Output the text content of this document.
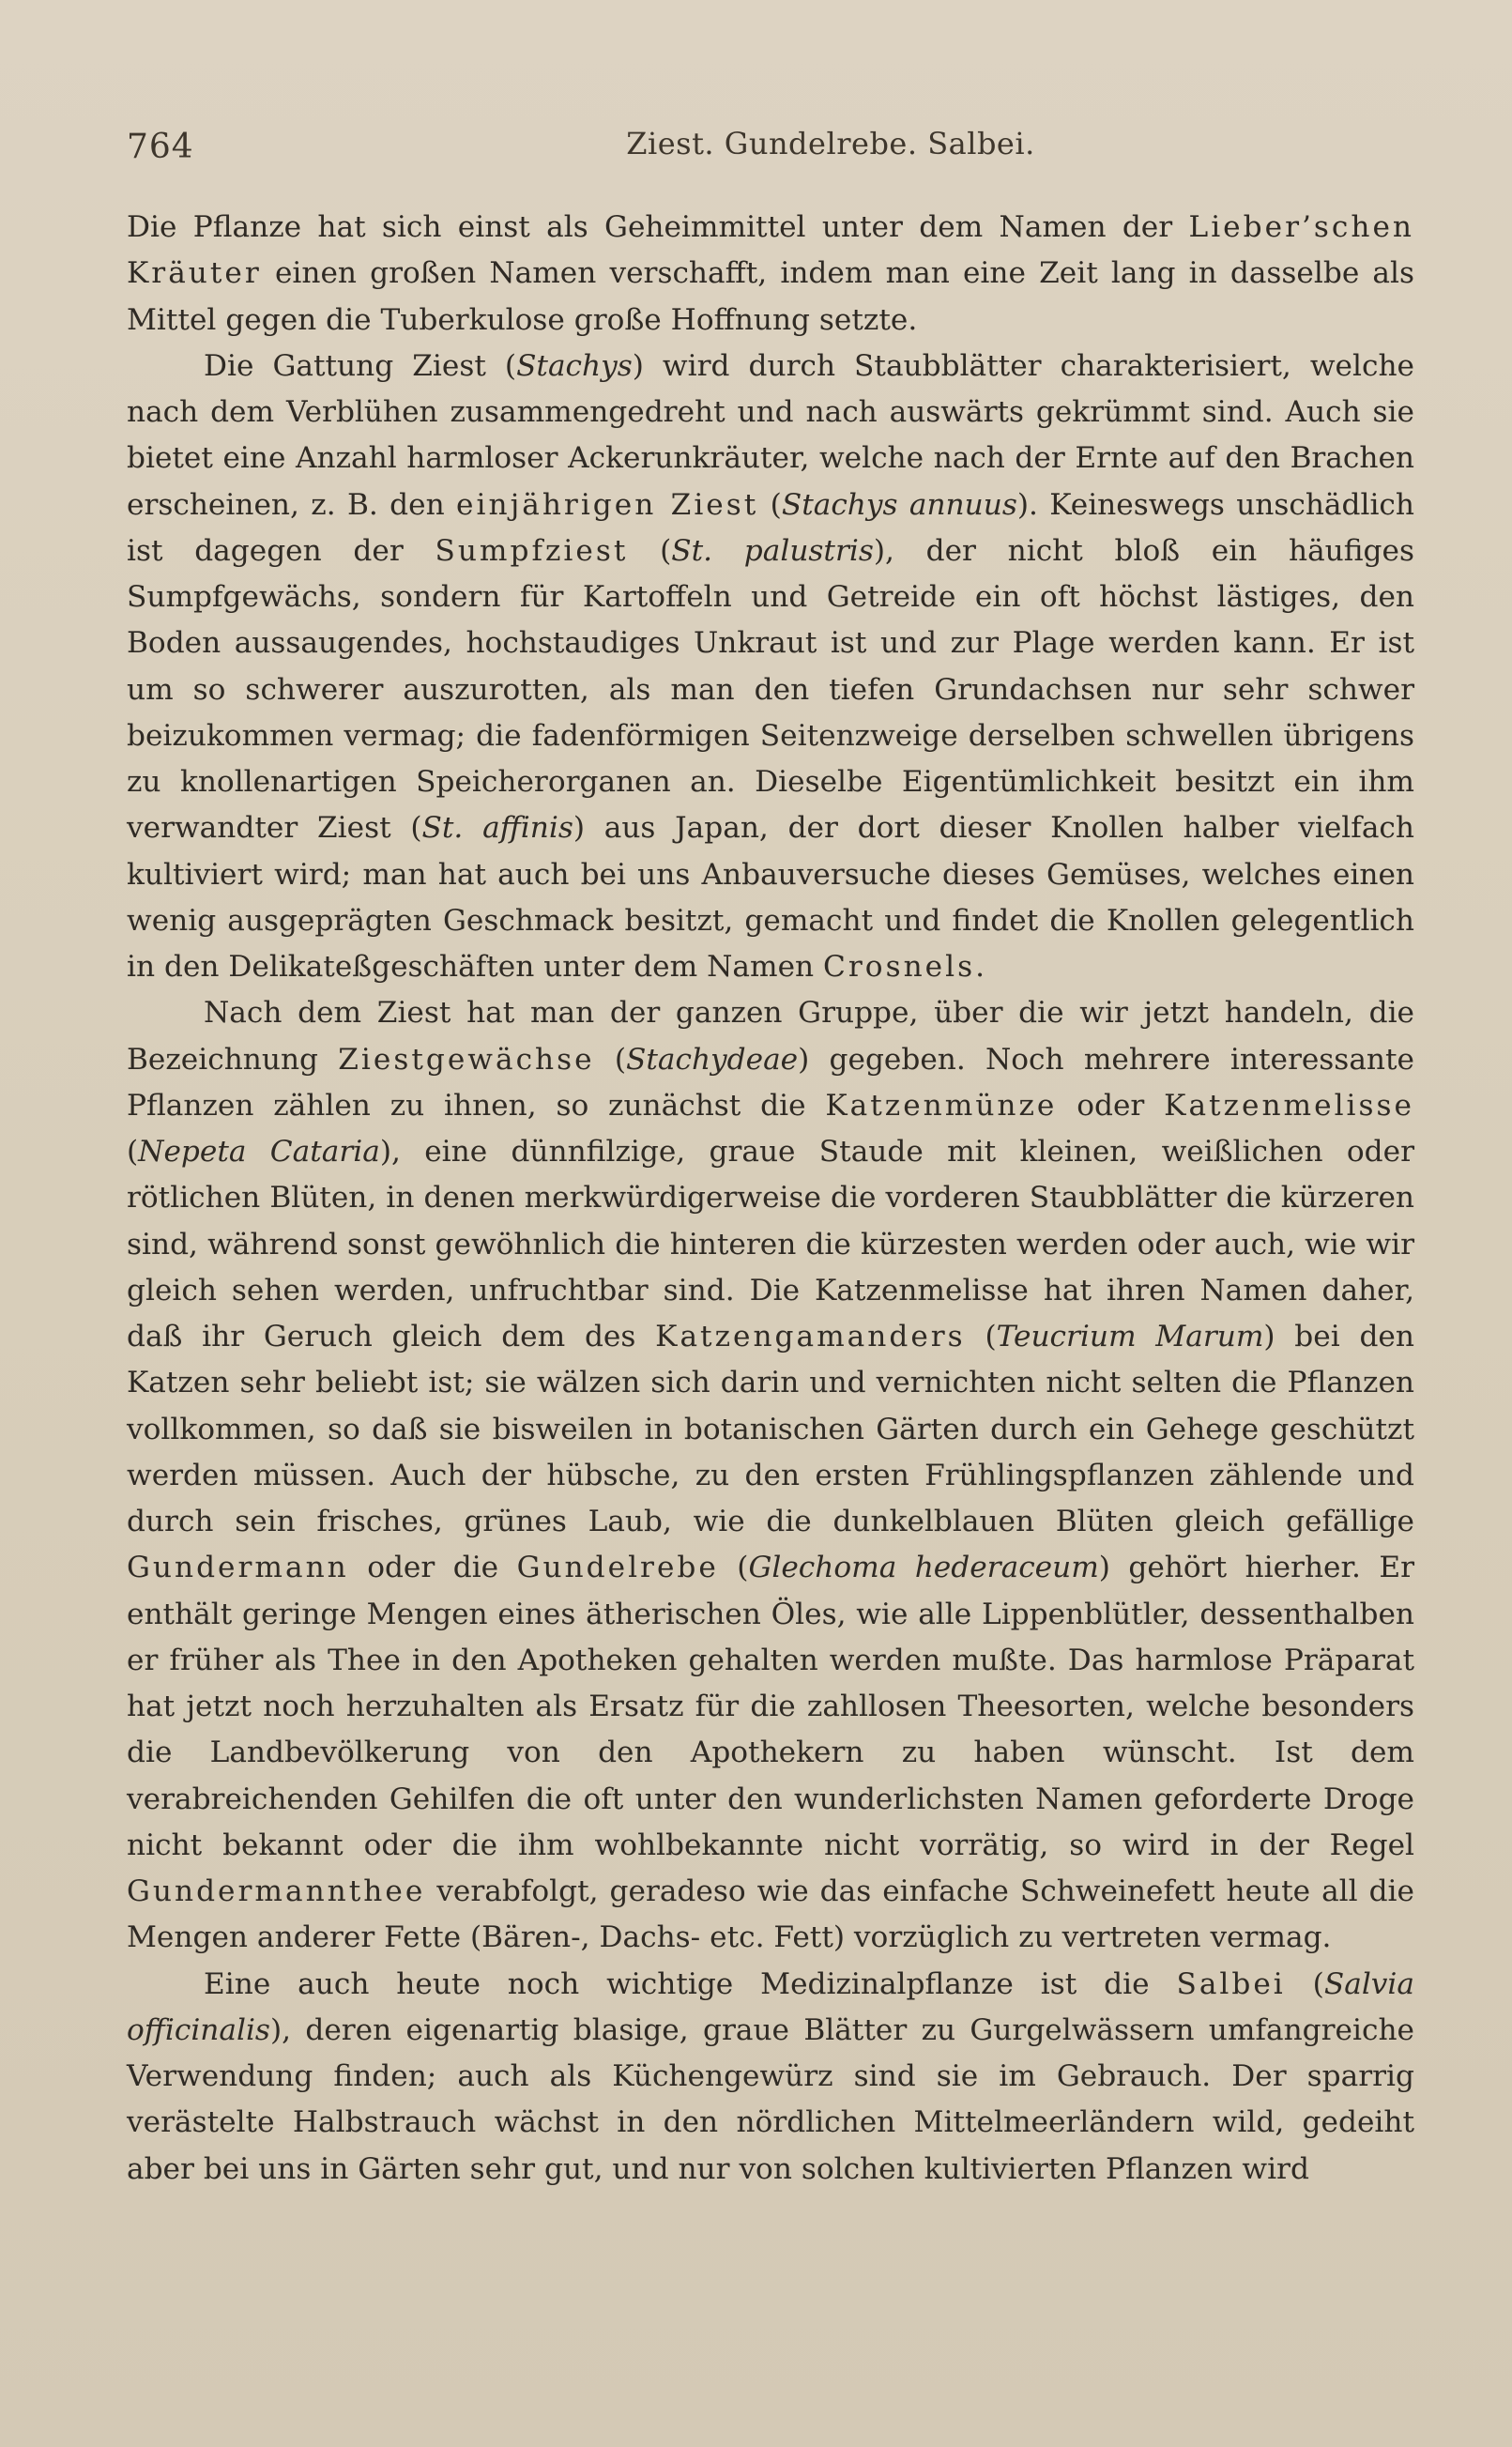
764	Ziest. Gundelrebe. Salbei.

Die Pflanze hat sich einst als Geheimmittel unter dem Namen der Lieber’schen Kräuter einen großen Namen verschafft, indem man eine Zeit lang in dasselbe als Mittel gegen die Tuberkulose große Hoffnung setzte.

Die Gattung Ziest (Stachys) wird durch Staubblätter charakterisiert, welche nach dem Verblühen zusammengedreht und nach auswärts gekrümmt sind. Auch sie bietet eine Anzahl harmloser Ackerunkräuter, welche nach der Ernte auf den Brachen erscheinen, z. B. den einjährigen Ziest (Stachys annuus). Keineswegs unschädlich ist dagegen der Sumpfziest (St. palustris), der nicht bloß ein häufiges Sumpfgewächs, sondern für Kartoffeln und Getreide ein oft höchst lästiges, den Boden aussaugendes, hochstaudiges Unkraut ist und zur Plage werden kann. Er ist um so schwerer auszurotten, als man den tiefen Grundachsen nur sehr schwer beizukommen vermag; die fadenförmigen Seitenzweige derselben schwellen übrigens zu knollenartigen Speicherorganen an. Dieselbe Eigentümlichkeit besitzt ein ihm verwandter Ziest (St. affinis) aus Japan, der dort dieser Knollen halber vielfach kultiviert wird; man hat auch bei uns Anbauversuche dieses Gemüses, welches einen wenig ausgeprägten Geschmack besitzt, gemacht und findet die Knollen gelegentlich in den Delikateßgeschäften unter dem Namen Crosnels.

Nach dem Ziest hat man der ganzen Gruppe, über die wir jetzt handeln, die Bezeichnung Ziestgewächse (Stachydeae) gegeben. Noch mehrere interessante Pflanzen zählen zu ihnen, so zunächst die Katzenmünze oder Katzenmelisse (Nepeta Cataria), eine dünnfilzige, graue Staude mit kleinen, weißlichen oder rötlichen Blüten, in denen merkwürdigerweise die vorderen Staubblätter die kürzeren sind, während sonst gewöhnlich die hinteren die kürzesten werden oder auch, wie wir gleich sehen werden, unfruchtbar sind. Die Katzenmelisse hat ihren Namen daher, daß ihr Geruch gleich dem des Katzengamanders (Teucrium Marum) bei den Katzen sehr beliebt ist; sie wälzen sich darin und vernichten nicht selten die Pflanzen vollkommen, so daß sie bisweilen in botanischen Gärten durch ein Gehege geschützt werden müssen. Auch der hübsche, zu den ersten Frühlingspflanzen zählende und durch sein frisches, grünes Laub, wie die dunkelblauen Blüten gleich gefällige Gundermann oder die Gundelrebe (Glechoma hederaceum) gehört hierher. Er enthält geringe Mengen eines ätherischen Öles, wie alle Lippenblütler, dessenthalben er früher als Thee in den Apotheken gehalten werden mußte. Das harmlose Präparat hat jetzt noch herzuhalten als Ersatz für die zahllosen Theesorten, welche besonders die Landbevölkerung von den Apothekern zu haben wünscht. Ist dem verabreichenden Gehilfen die oft unter den wunderlichsten Namen geforderte Droge nicht bekannt oder die ihm wohlbekannte nicht vorrätig, so wird in der Regel Gundermannthee verabfolgt, geradeso wie das einfache Schweinefett heute all die Mengen anderer Fette (Bären-, Dachs- etc. Fett) vorzüglich zu vertreten vermag.

Eine auch heute noch wichtige Medizinalpflanze ist die Salbei (Salvia officinalis), deren eigenartig blasige, graue Blätter zu Gurgelwässern umfangreiche Verwendung finden; auch als Küchengewürz sind sie im Gebrauch. Der sparrig verästelte Halbstrauch wächst in den nördlichen Mittelmeerländern wild, gedeiht aber bei uns in Gärten sehr gut, und nur von solchen kultivierten Pflanzen wird
